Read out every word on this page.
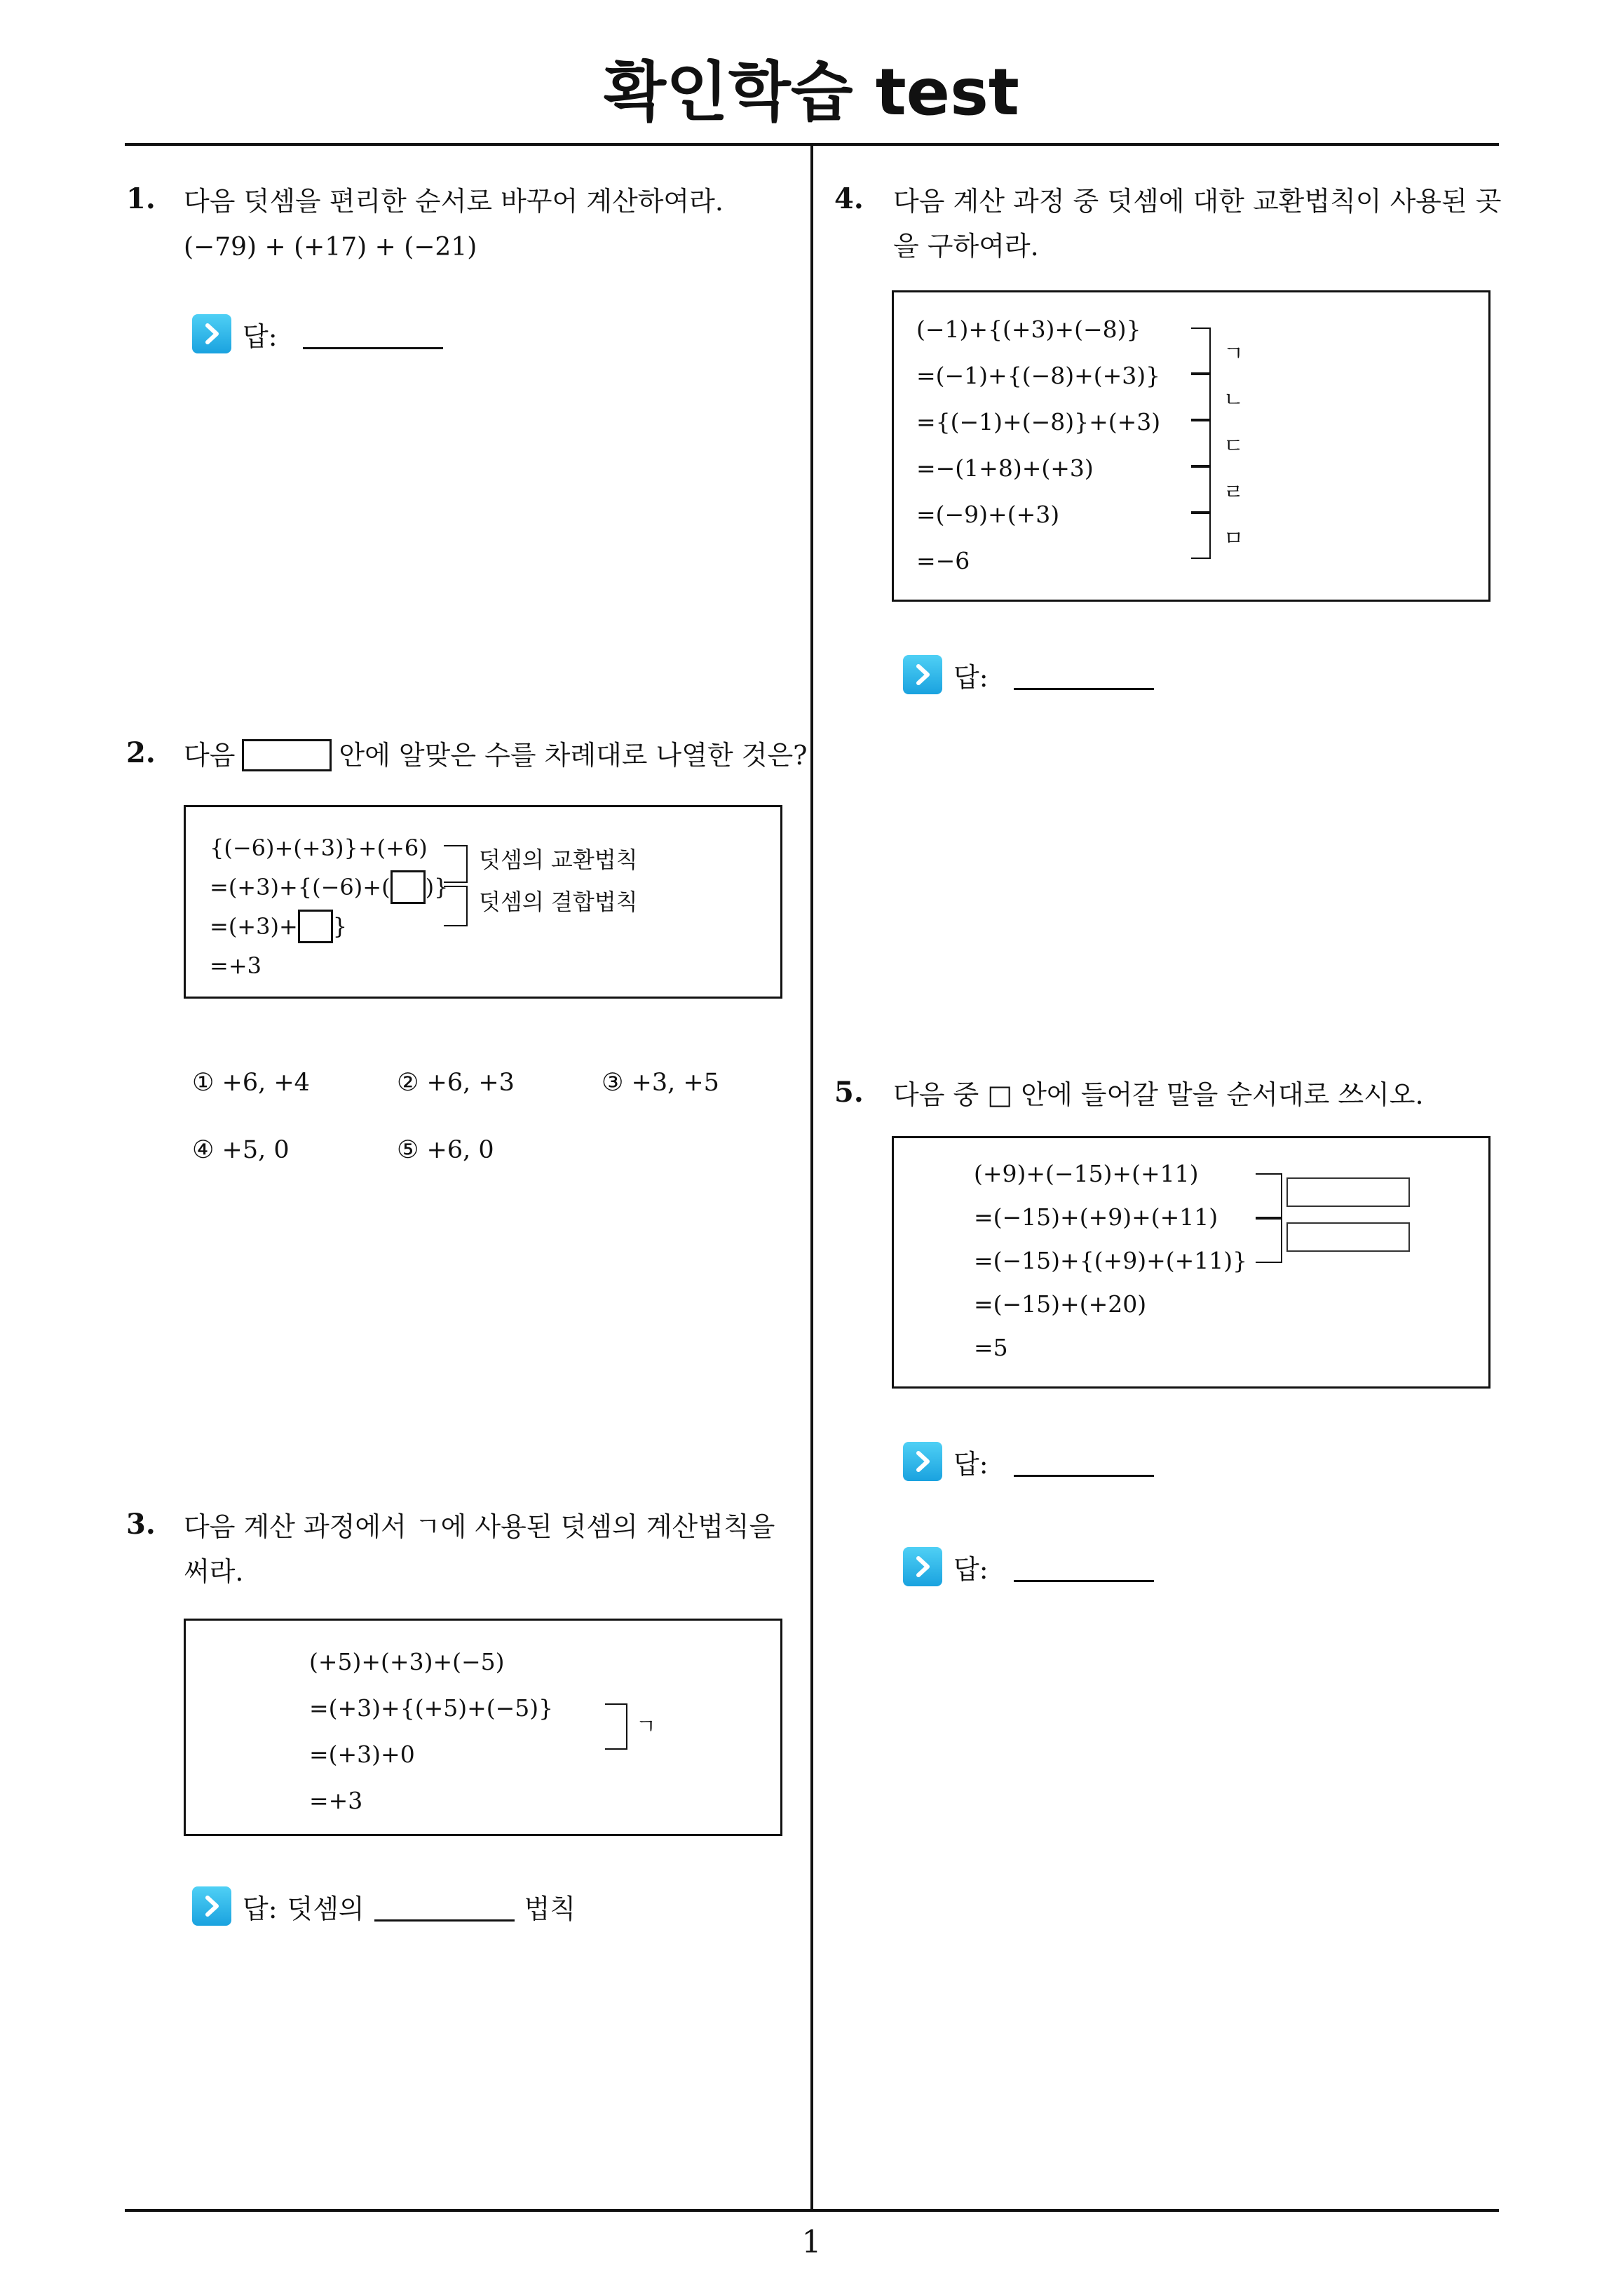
확인학습 test
1. 다음 덧셈을 편리한 순서로 바꾸어 계산하여라.
(−79) + (+17) + (−21)
답:
2. 다음	안에 알맞은 수를 차례대로 나열한 것은?
{(−6)+(+3)}+(+6)
=(+3)+{(−6)+( )}
=(+3)+ }
=+3
덧셈의 교환법칙
덧셈의 결합법칙
① +6, +4	② +6, +3	③ +3, +5
④ +5, 0	⑤ +6, 0
3. 다음 계산 과정에서 ㄱ에 사용된 덧셈의 계산법칙을
써라.
(+5)+(+3)+(−5)
=(+3)+{(+5)+(−5)}
=(+3)+0
=+3
ㄱ
답: 덧셈의	법칙
4. 다음 계산 과정 중 덧셈에 대한 교환법칙이 사용된 곳
을 구하여라.
(−1)+{(+3)+(−8)}
=(−1)+{(−8)+(+3)}
={(−1)+(−8)}+(+3)
=−(1+8)+(+3)
=(−9)+(+3)
=−6
ㄱ
ㄴ
ㄷ
ㄹ
ㅁ
답:
5. 다음 중 □ 안에 들어갈 말을 순서대로 쓰시오.
(+9)+(−15)+(+11)
=(−15)+(+9)+(+11)
=(−15)+{(+9)+(+11)}
=(−15)+(+20)
=5
답:
답:
1
